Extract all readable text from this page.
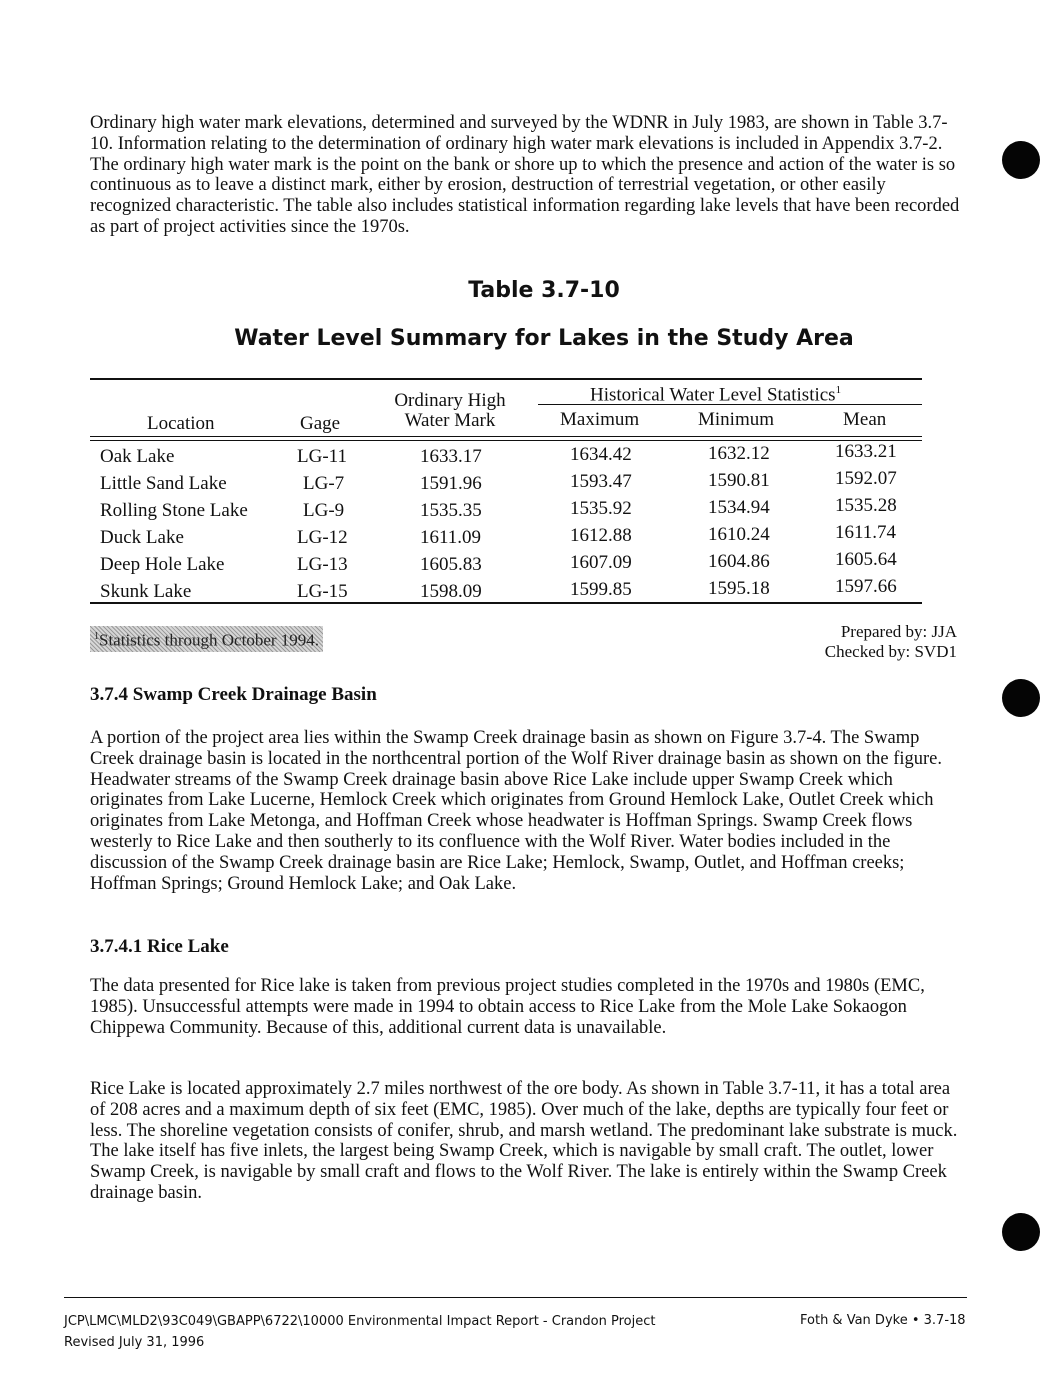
Ordinary high water mark elevations, determined and surveyed by the WDNR in July 1983, are shown in Table 3.7-10. Information relating to the determination of ordinary high water mark elevations is included in Appendix 3.7-2. The ordinary high water mark is the point on the bank or shore up to which the presence and action of the water is so continuous as to leave a distinct mark, either by erosion, destruction of terrestrial vegetation, or other easily recognized characteristic. The table also includes statistical information regarding lake levels that have been recorded as part of project activities since the 1970s.

Table 3.7-10
Water Level Summary for Lakes in the Study Area
Location	Gage
Ordinary High
Water Mark
Historical Water Level Statistics$^1$
Maximum	Minimum	Mean
Oak Lake	LG-11	1633.17	1634.42	1632.12	1633.21
Little Sand Lake	LG-7	1591.96	1593.47	1590.81	1592.07
Rolling Stone Lake	LG-9	1535.35	1535.92	1534.94	1535.28
Duck Lake	LG-12	1611.09	1612.88	1610.24	1611.74
Deep Hole Lake	LG-13	1605.83	1607.09	1604.86	1605.64
Skunk Lake	LG-15	1598.09	1599.85	1595.18	1597.66
$^1$Statistics through October 1994.	Prepared by: JJA
Checked by: SVD1
3.7.4 Swamp Creek Drainage Basin

A portion of the project area lies within the Swamp Creek drainage basin as shown on Figure 3.7-4. The Swamp Creek drainage basin is located in the northcentral portion of the Wolf River drainage basin as shown on the figure. Headwater streams of the Swamp Creek drainage basin above Rice Lake include upper Swamp Creek which originates from Lake Lucerne, Hemlock Creek which originates from Ground Hemlock Lake, Outlet Creek which originates from Lake Metonga, and Hoffman Creek whose headwater is Hoffman Springs. Swamp Creek flows westerly to Rice Lake and then southerly to its confluence with the Wolf River. Water bodies included in the discussion of the Swamp Creek drainage basin are Rice Lake; Hemlock, Swamp, Outlet, and Hoffman creeks; Hoffman Springs; Ground Hemlock Lake; and Oak Lake.

3.7.4.1 Rice Lake

The data presented for Rice lake is taken from previous project studies completed in the 1970s and 1980s (EMC, 1985). Unsuccessful attempts were made in 1994 to obtain access to Rice Lake from the Mole Lake Sokaogon Chippewa Community. Because of this, additional current data is unavailable.

Rice Lake is located approximately 2.7 miles northwest of the ore body. As shown in Table 3.7-11, it has a total area of 208 acres and a maximum depth of six feet (EMC, 1985). Over much of the lake, depths are typically four feet or less. The shoreline vegetation consists of conifer, shrub, and marsh wetland. The predominant lake substrate is muck. The lake itself has five inlets, the largest being Swamp Creek, which is navigable by small craft. The outlet, lower Swamp Creek, is navigable by small craft and flows to the Wolf River. The lake is entirely within the Swamp Creek drainage basin.

JCP\LMC\MLD2\93C049\GBAPP\6722\10000 Environmental Impact Report - Crandon Project
Revised July 31, 1996
Foth & Van Dyke • 3.7-18
